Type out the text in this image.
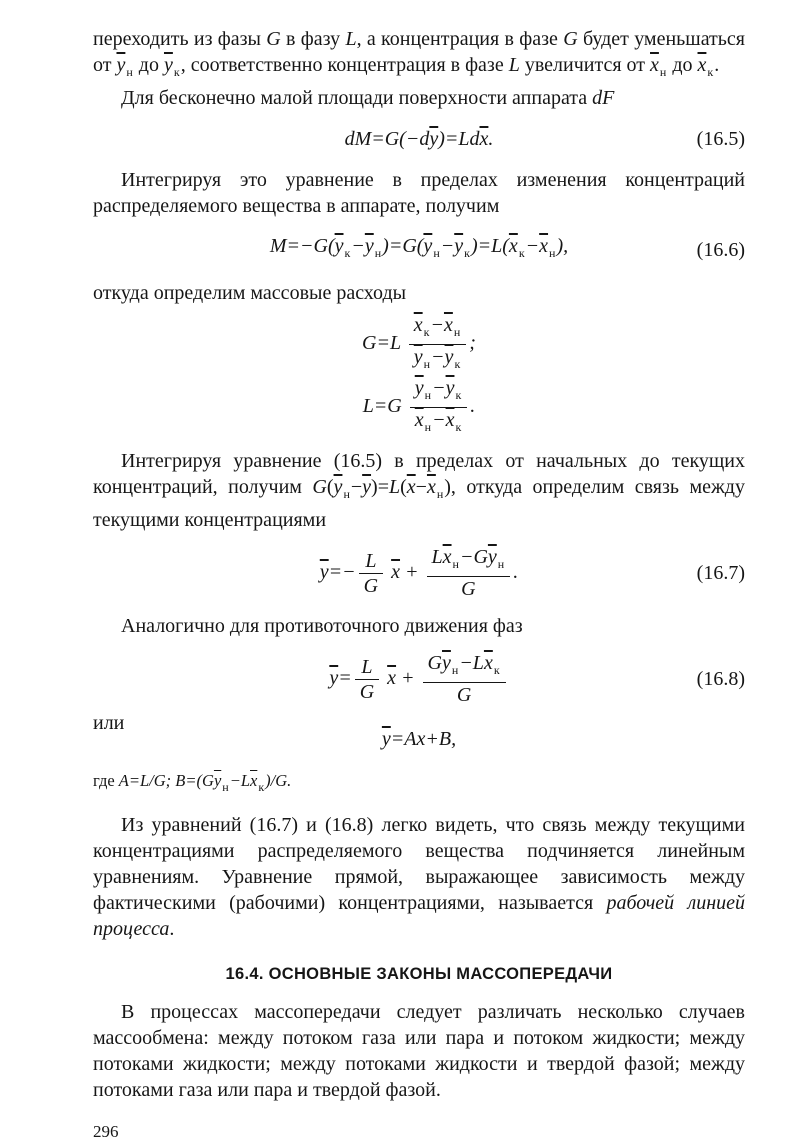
переходить из фазы G в фазу L, а концентрация в фазе G будет уменьшаться от $\overline{y}_н$ до $\overline{y}_к$, соответственно концентрация в фазе L увеличится от $\overline{x}_н$ до $\overline{x}_к$.

Для бесконечно малой площади поверхности аппарата dF

$dM=G(-d\overline{y})=Ld\overline{x}$.	(16.5)

Интегрируя это уравнение в пределах изменения концентраций распределяемого вещества в аппарате, получим

$M=-G(\overline{y}_к-\overline{y}_н)=G(\overline{y}_н-\overline{y}_к)=L(\overline{x}_к-\overline{x}_н)$,	(16.6)

откуда определим массовые расходы

$G=L \frac{\overline{x}_к-\overline{x}_н}{\overline{y}_н-\overline{y}_к}$ ;
$L=G \frac{\overline{y}_н-\overline{y}_к}{\overline{x}_н-\overline{x}_к}$ .

Интегрируя уравнение (16.5) в пределах от начальных до текущих концентраций, получим $G(\overline{y}_н-\overline{y})=L(\overline{x}-\overline{x}_н)$, откуда определим связь между текущими концентрациями

$\overline{y}=- \frac{L}{G} \overline{x} + \frac{L\overline{x}_н-G\overline{y}_н}{G}$ .	(16.7)

Аналогично для противоточного движения фаз

$\overline{y}= \frac{L}{G} \overline{x} + \frac{G\overline{y}_н-L\overline{x}_к}{G}$	(16.8)
или
$\overline{y}=Ax+B$,

где A=L/G; $B=(G\overline{y}_н-L\overline{x}_к)/G$.

Из уравнений (16.7) и (16.8) легко видеть, что связь между текущими концентрациями распределяемого вещества подчиняется линейным уравнениям. Уравнение прямой, выражающее зависимость между фактическими (рабочими) концентрациями, называется рабочей линией процесса.

16.4. ОСНОВНЫЕ ЗАКОНЫ МАССОПЕРЕДАЧИ

В процессах массопередачи следует различать несколько случаев массообмена: между потоком газа или пара и потоком жидкости; между потоками жидкости; между потоками жидкости и твердой фазой; между потоками газа или пара и твердой фазой.

296
